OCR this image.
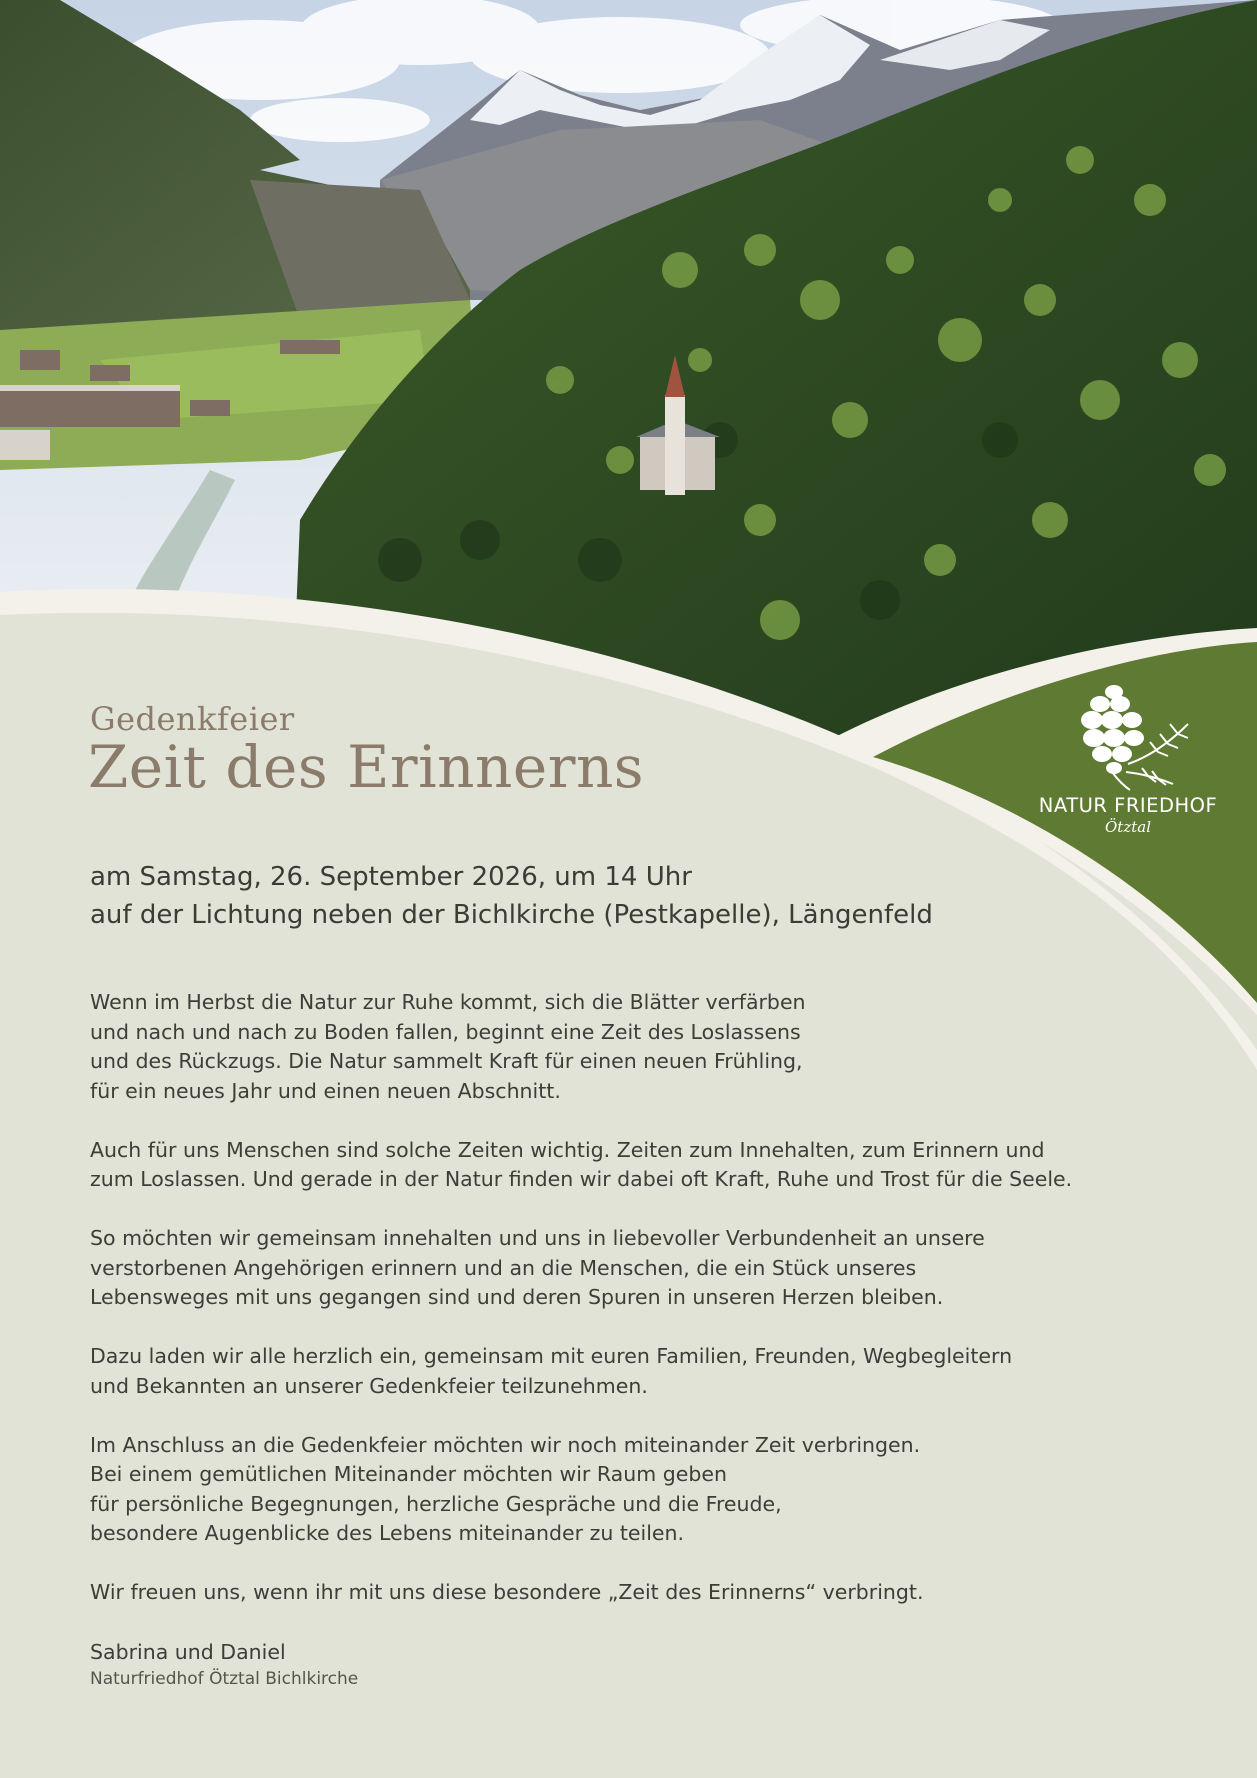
NATUR FRIEDHOF
Ötztal
Gedenkfeier
Zeit des Erinnerns
am Samstag, 26. September 2026, um 14 Uhr
auf der Lichtung neben der Bichlkirche (Pestkapelle), Längenfeld

Wenn im Herbst die Natur zur Ruhe kommt, sich die Blätter verfärben
und nach und nach zu Boden fallen, beginnt eine Zeit des Loslassens
und des Rückzugs. Die Natur sammelt Kraft für einen neuen Frühling,
für ein neues Jahr und einen neuen Abschnitt.

Auch für uns Menschen sind solche Zeiten wichtig. Zeiten zum Innehalten, zum Erinnern und
zum Loslassen. Und gerade in der Natur finden wir dabei oft Kraft, Ruhe und Trost für die Seele.

So möchten wir gemeinsam innehalten und uns in liebevoller Verbundenheit an unsere
verstorbenen Angehörigen erinnern und an die Menschen, die ein Stück unseres
Lebensweges mit uns gegangen sind und deren Spuren in unseren Herzen bleiben.

Dazu laden wir alle herzlich ein, gemeinsam mit euren Familien, Freunden, Wegbegleitern
und Bekannten an unserer Gedenkfeier teilzunehmen.

Im Anschluss an die Gedenkfeier möchten wir noch miteinander Zeit verbringen.
Bei einem gemütlichen Miteinander möchten wir Raum geben
für persönliche Begegnungen, herzliche Gespräche und die Freude,
besondere Augenblicke des Lebens miteinander zu teilen.

Wir freuen uns, wenn ihr mit uns diese besondere „Zeit des Erinnerns“ verbringt.

Sabrina und Daniel
Naturfriedhof Ötztal Bichlkirche
